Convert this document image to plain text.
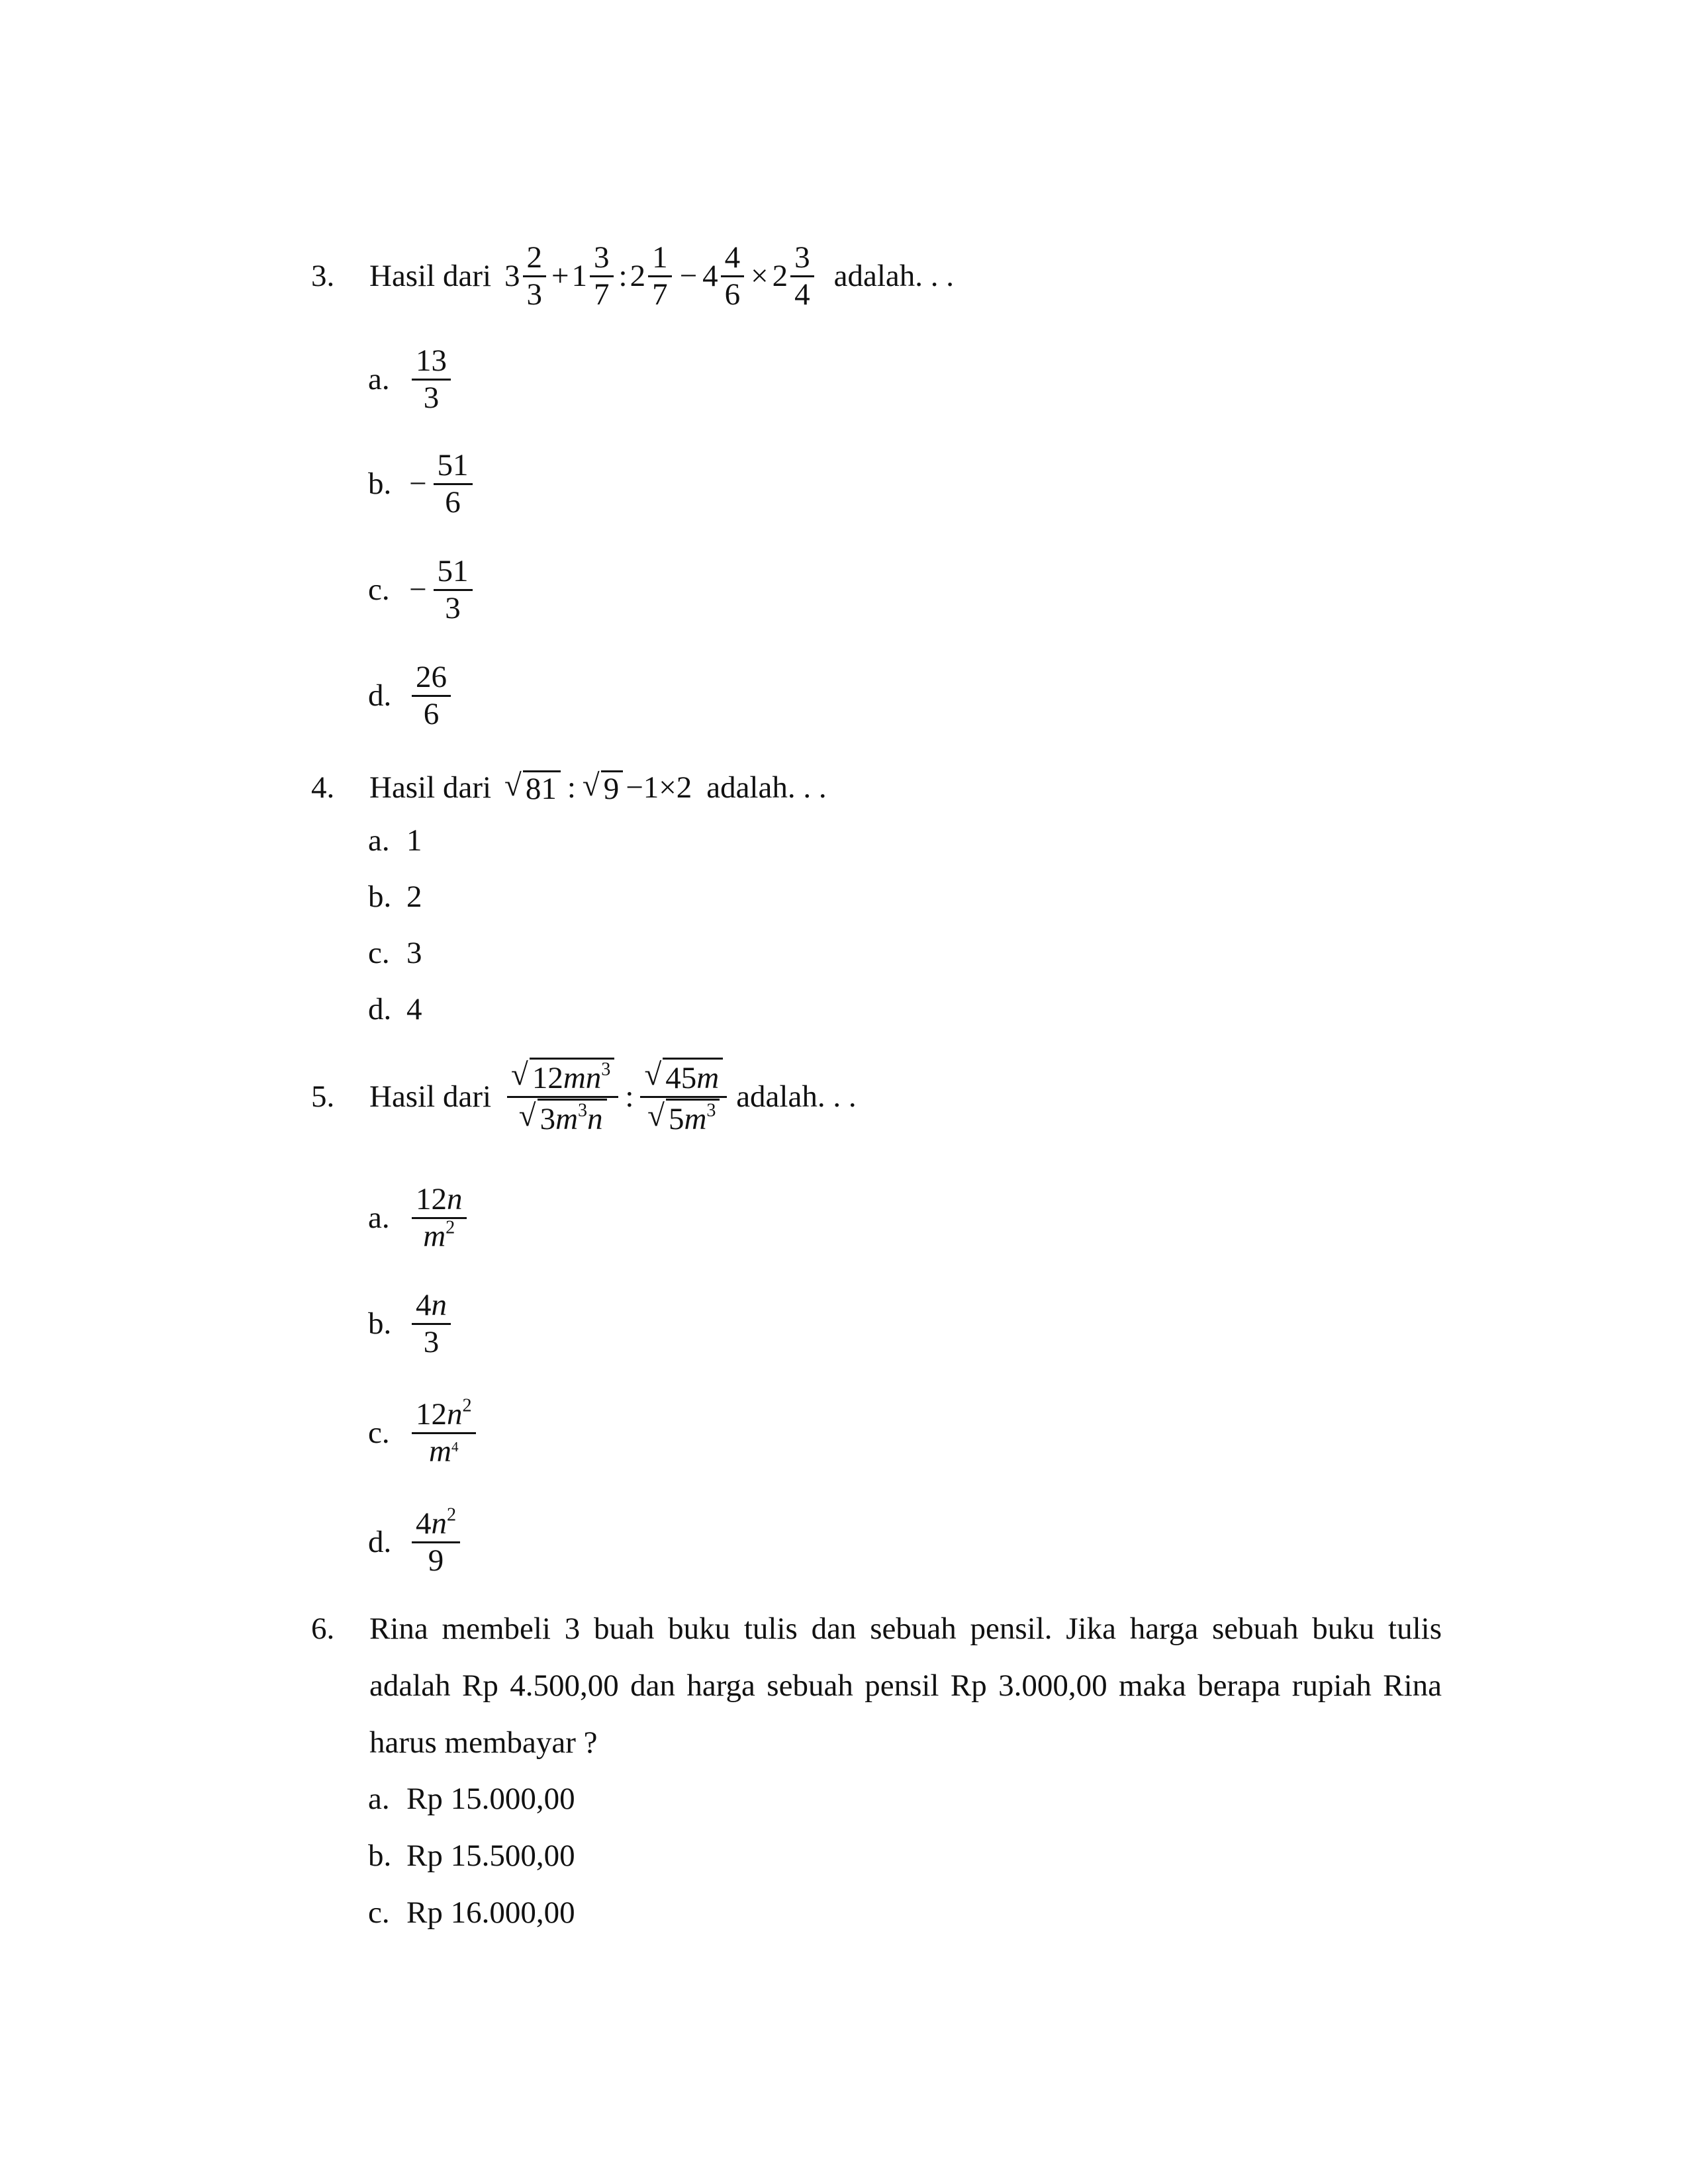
3.	Hasil dari $3 \frac{2}{3} + 1 \frac{3}{7}$ : $2 \frac{1}{7} - 4 \frac{4}{6} \times 2 \frac{3}{4}$ adalah. . .
a. $\frac{13}{3}$
b. − $\frac{51}{6}$
c. − $\frac{51}{3}$
d. $\frac{26}{6}$
4.	Hasil dari √ 81 : √ 9 −1×2 adalah. . .
a. 1
b. 2
c. 3
d. 4
5.	Hasil dari $\frac{√ 12mn^3}{√ 3m^3n}$ : $\frac{√ 45m}{√ 5m^3}$ adalah. . .
a. $\frac{12n}{m^2}$
b. $\frac{4n}{3}$
c. $\frac{12n^2}{m^4}$
d. $\frac{4n^2}{9}$
6. Rina membeli 3 buah buku tulis dan sebuah pensil. Jika harga sebuah buku tulis
adalah Rp 4.500,00 dan harga sebuah pensil Rp 3.000,00 maka berapa rupiah Rina
harus membayar ?
a. Rp 15.000,00
b. Rp 15.500,00
c. Rp 16.000,00
